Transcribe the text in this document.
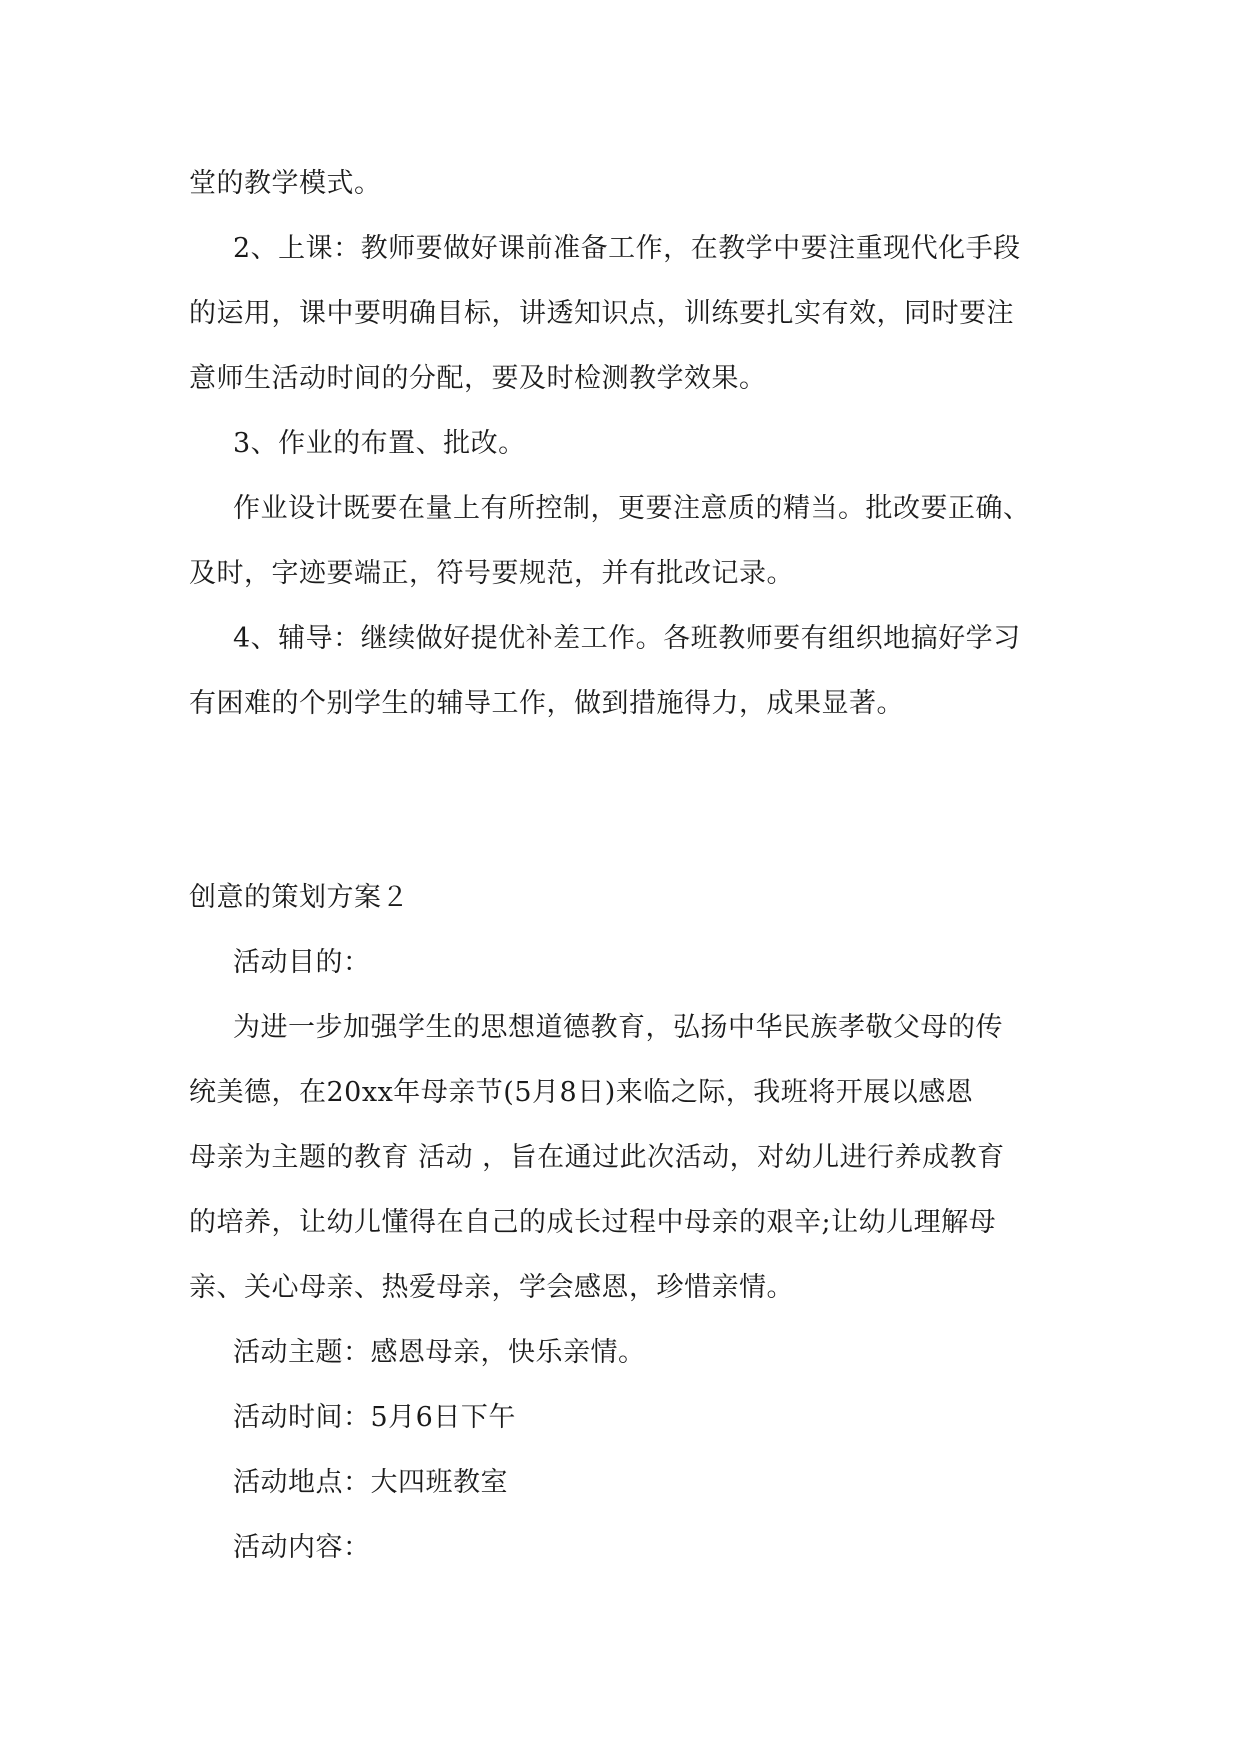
堂的教学模式。

2、上课：教师要做好课前准备工作，在教学中要注重现代化手段

的运用，课中要明确目标，讲透知识点，训练要扎实有效，同时要注

意师生活动时间的分配，要及时检测教学效果。

3、作业的布置、批改。

作业设计既要在量上有所控制，更要注意质的精当。批改要正确、

及时，字迹要端正，符号要规范，并有批改记录。

4、辅导：继续做好提优补差工作。各班教师要有组织地搞好学习

有困难的个别学生的辅导工作，做到措施得力，成果显著。

创意的策划方案２

活动目的：

为进一步加强学生的思想道德教育，弘扬中华民族孝敬父母的传

统美德，在20xx年母亲节(5月8日)来临之际，我班将开展以感恩

母亲为主题的教育 活动 ，旨在通过此次活动，对幼儿进行养成教育

的培养，让幼儿懂得在自己的成长过程中母亲的艰辛;让幼儿理解母

亲、关心母亲、热爱母亲，学会感恩，珍惜亲情。

活动主题：感恩母亲，快乐亲情。

活动时间：5月6日下午

活动地点：大四班教室

活动内容：
